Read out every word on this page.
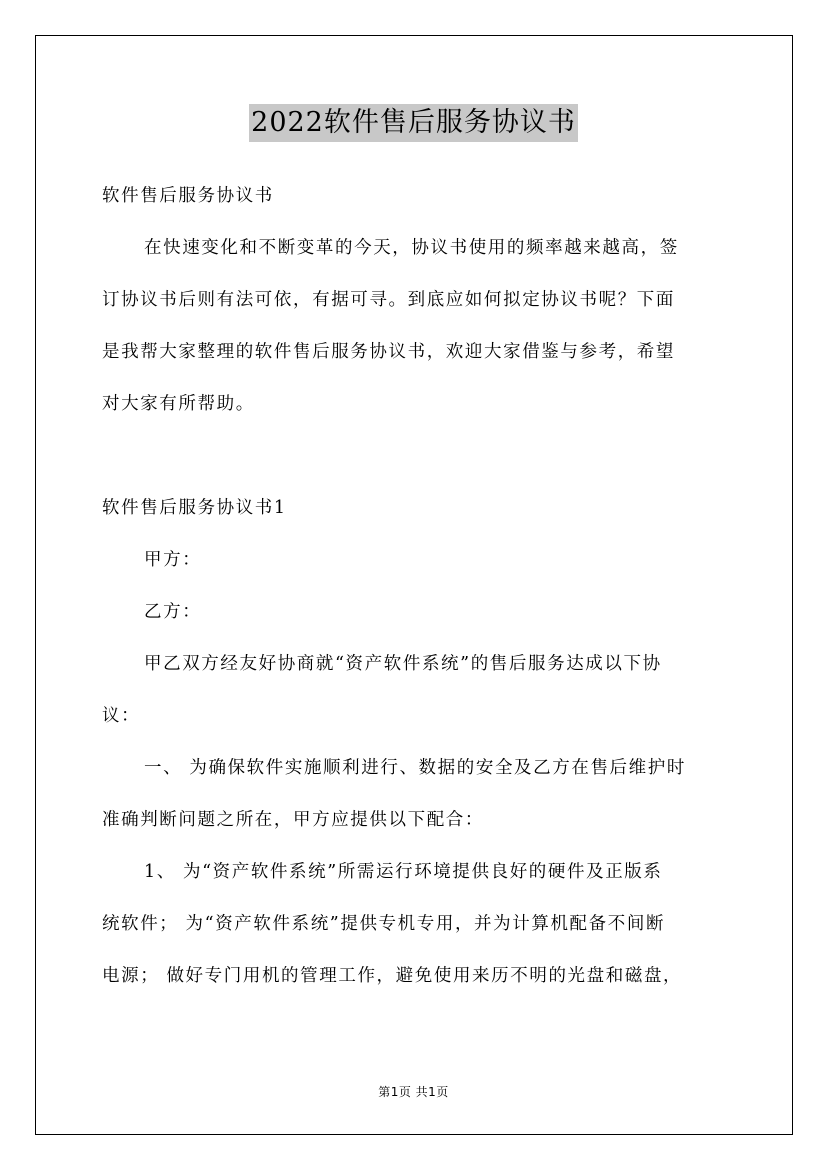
2022软件售后服务协议书
软件售后服务协议书
在快速变化和不断变革的今天，协议书使用的频率越来越高，签
订协议书后则有法可依，有据可寻。到底应如何拟定协议书呢？下面
是我帮大家整理的软件售后服务协议书，欢迎大家借鉴与参考，希望
对大家有所帮助。
软件售后服务协议书1
甲方：
乙方：
甲乙双方经友好协商就“资产软件系统”的售后服务达成以下协
议：
一、 为确保软件实施顺利进行、数据的安全及乙方在售后维护时
准确判断问题之所在，甲方应提供以下配合：
1、 为“资产软件系统”所需运行环境提供良好的硬件及正版系
统软件； 为“资产软件系统”提供专机专用，并为计算机配备不间断
电源； 做好专门用机的管理工作，避免使用来历不明的光盘和磁盘，
第1页 共1页
